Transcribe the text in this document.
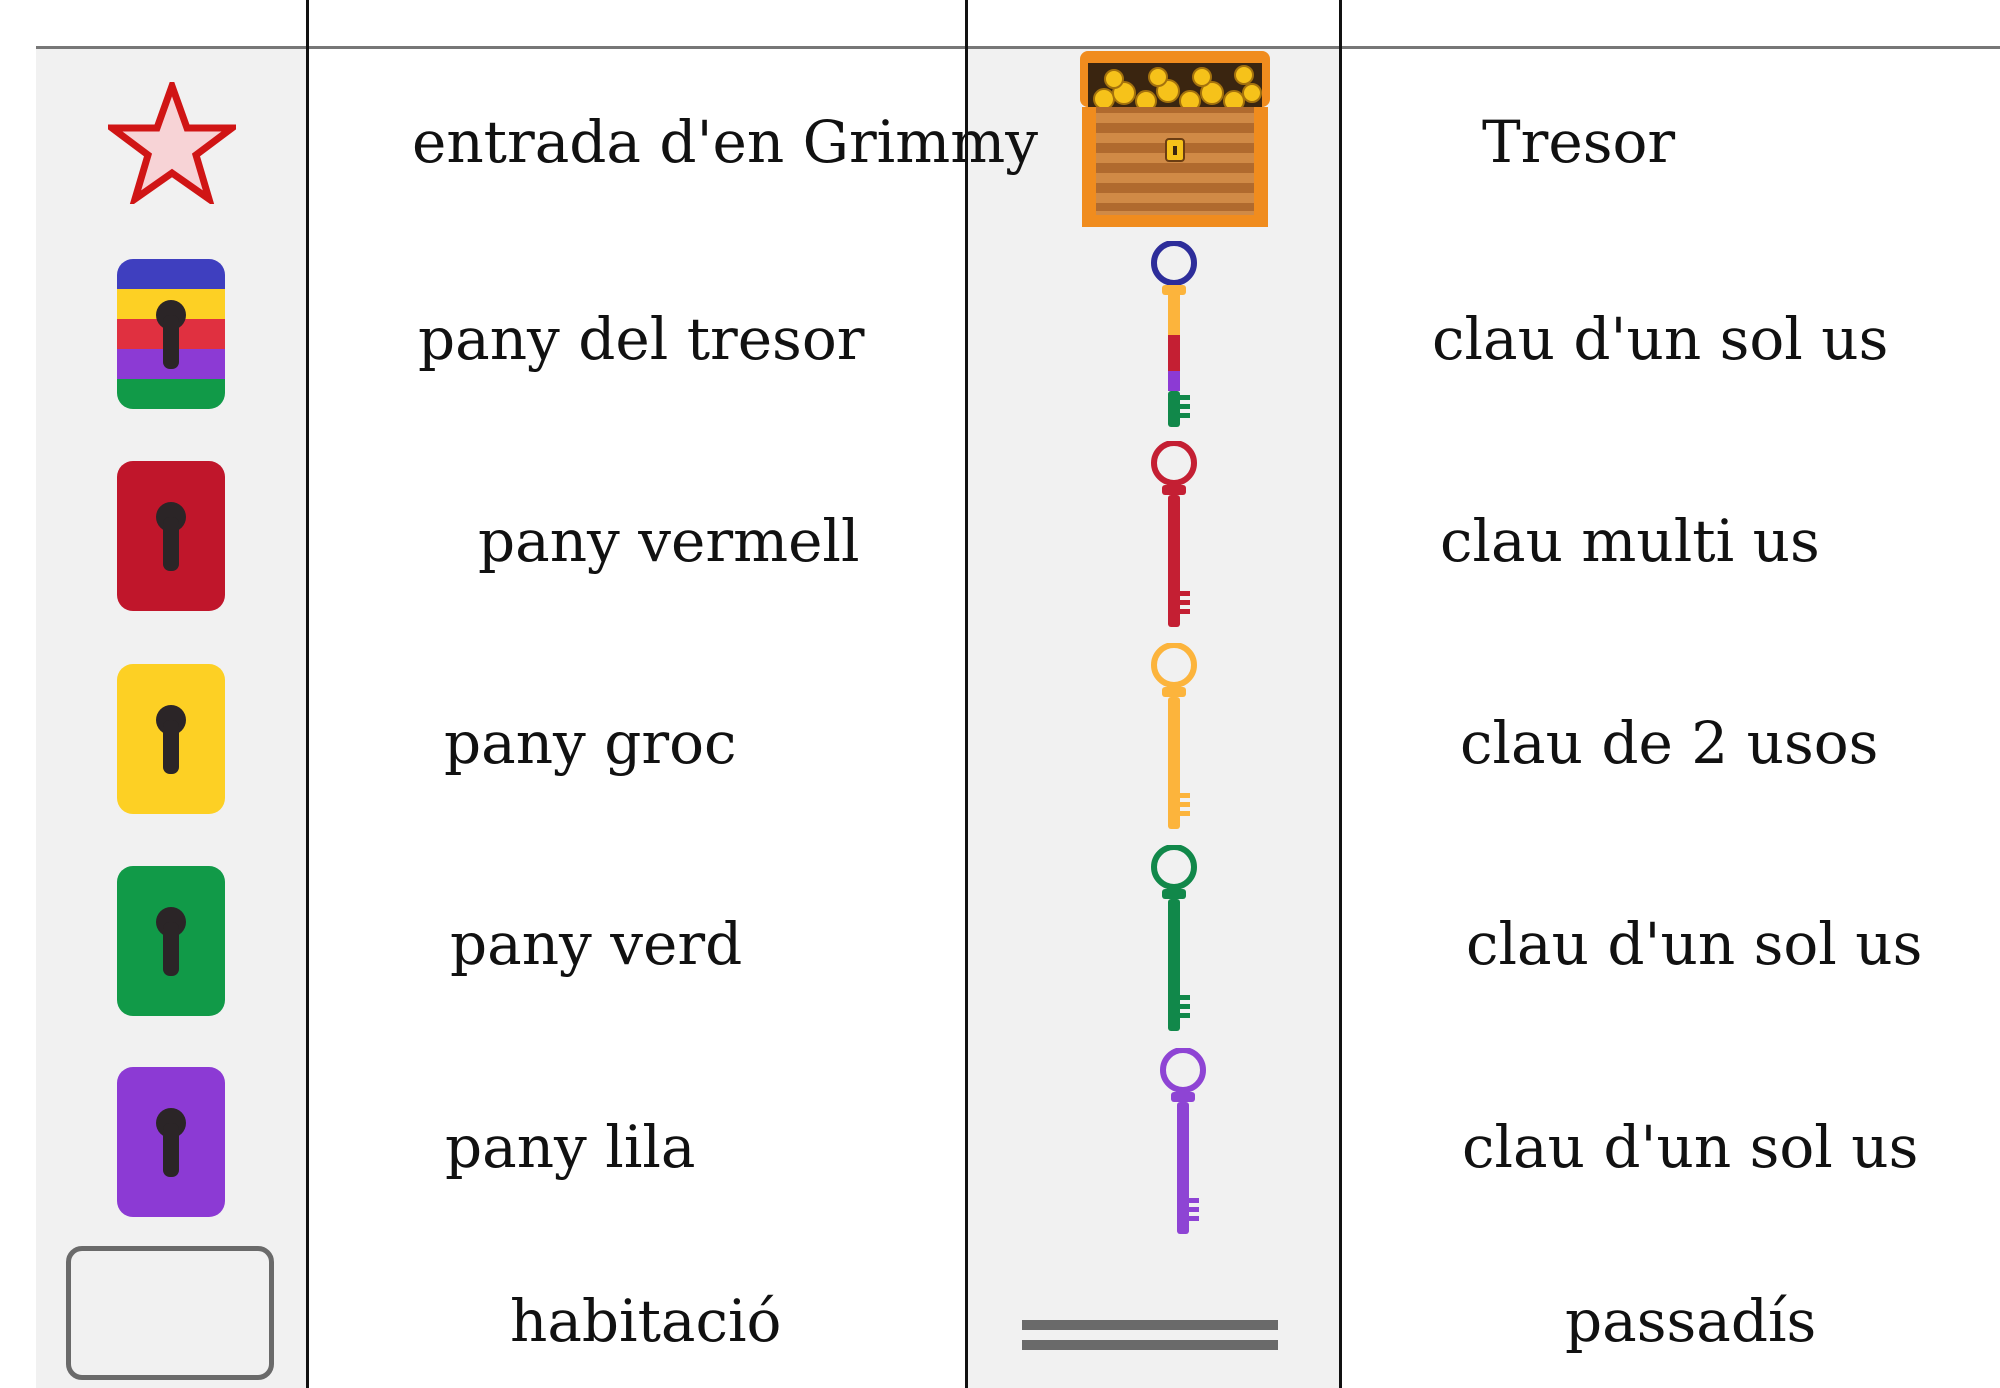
entrada d'en Grimmy	Tresor
pany del tresor	clau d'un sol us
pany vermell	clau multi us
pany groc	clau de 2 usos
pany verd	clau d'un sol us
pany lila	clau d'un sol us
habitació	passadís
